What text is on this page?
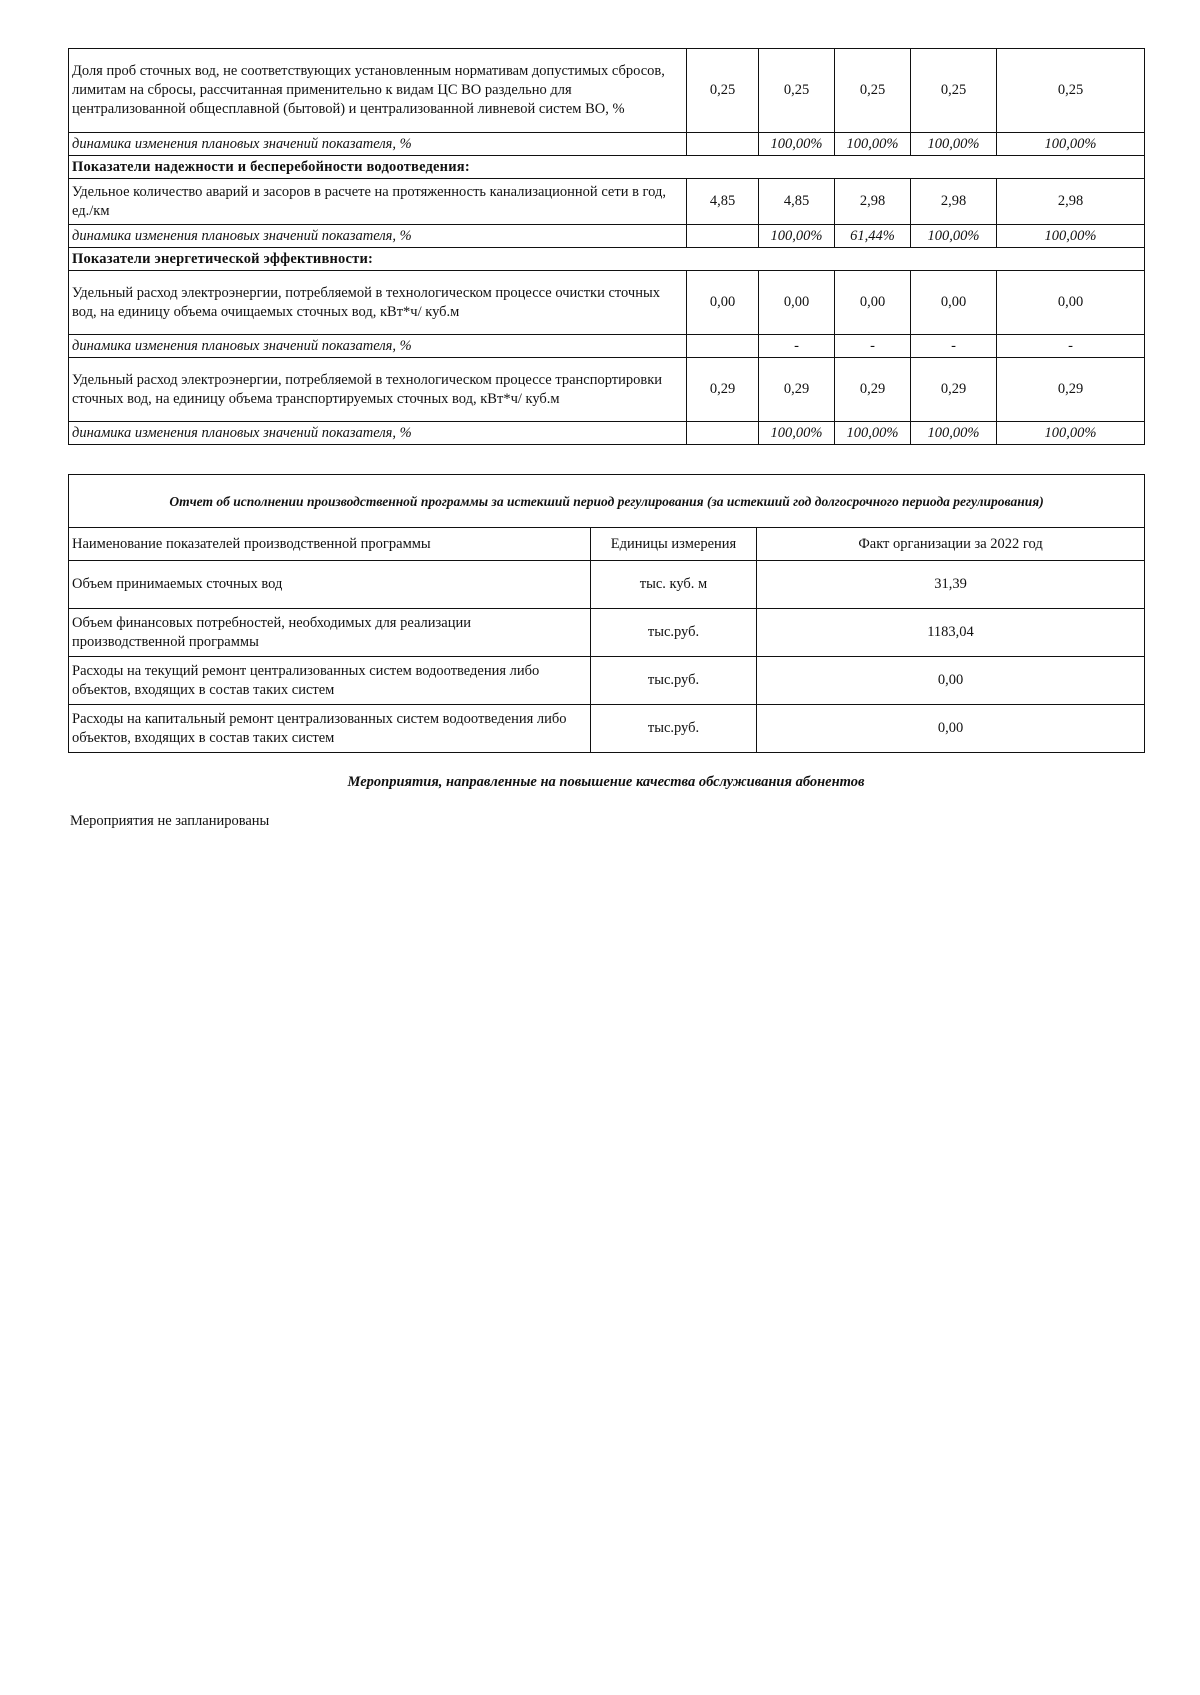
Доля проб сточных вод, не соответствующих установленным нормативам допустимых сбросов, лимитам на сбросы, рассчитанная применительно к видам ЦС ВО раздельно для централизованной общесплавной (бытовой) и централизованной ливневой систем ВО, %	0,25	0,25	0,25	0,25	0,25
динамика изменения плановых значений показателя, %		100,00%	100,00%	100,00%	100,00%
Показатели надежности и бесперебойности водоотведения:					
Удельное количество аварий и засоров в расчете на протяженность канализационной сети в год, ед./км	4,85	4,85	2,98	2,98	2,98
динамика изменения плановых значений показателя, %		100,00%	61,44%	100,00%	100,00%
Показатели энергетической эффективности:					
Удельный расход электроэнергии, потребляемой в технологическом процессе очистки сточных вод, на единицу объема очищаемых сточных вод, кВт*ч/ куб.м	0,00	0,00	0,00	0,00	0,00
динамика изменения плановых значений показателя, %		-	-	-	-
Удельный расход электроэнергии, потребляемой в технологическом процессе транспортировки сточных вод, на единицу объема транспортируемых сточных вод, кВт*ч/ куб.м	0,29	0,29	0,29	0,29	0,29
динамика изменения плановых значений показателя, %		100,00%	100,00%	100,00%	100,00%
Отчет об исполнении производственной программы за истекший период регулирования (за истекший год долгосрочного периода регулирования)		
Наименование показателей производственной программы	Единицы измерения	Факт организации за 2022 год
Объем принимаемых сточных вод	тыс. куб. м	31,39
Объем финансовых потребностей, необходимых для реализации производственной программы	тыс.руб.	1183,04
Расходы на текущий ремонт централизованных систем водоотведения либо объектов, входящих в состав таких систем	тыс.руб.	0,00
Расходы на капитальный ремонт централизованных систем водоотведения либо объектов, входящих в состав таких систем	тыс.руб.	0,00
Мероприятия, направленные на повышение качества обслуживания абонентов
Мероприятия не запланированы
